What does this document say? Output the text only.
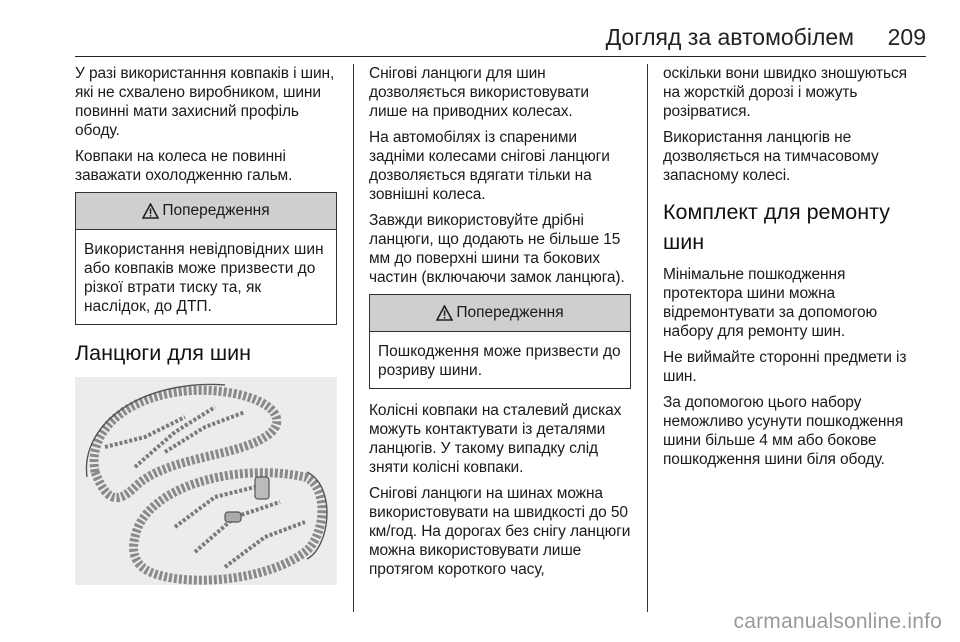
Догляд за автомобілем 209

У разі використанння ковпаків і шин, які не схвалено виробником, шини повинні мати захисний профіль ободу.

Ковпаки на колеса не повинні заважати охолодженню гальм.

Попередження
Використання невідповідних шин або ковпаків може призвести до різкої втрати тиску та, як наслідок, до ДТП.
Ланцюги для шин

Снігові ланцюги для шин дозволяється використовувати лише на приводних колесах.

На автомобілях із спареними задніми колесами снігові ланцюги дозволяється вдягати тільки на зовнішні колеса.

Завжди використовуйте дрібні ланцюги, що додають не більше 15 мм до поверхні шини та бокових частин (включаючи замок ланцюга).

Попередження
Пошкодження може призвести до розриву шини.

Колісні ковпаки на сталевий дисках можуть контактувати із деталями ланцюгів. У такому випадку слід зняти колісні ковпаки.

Снігові ланцюги на шинах можна використовувати на швидкості до 50 км/год. На дорогах без снігу ланцюги можна використовувати лише протягом короткого часу,

оскільки вони швидко зношуються на жорсткій дорозі і можуть розірватися.

Використання ланцюгів не дозволяється на тимчасовому запасному колесі.

Комплект для ремонту шин

Мінімальне пошкодження протектора шини можна відремонтувати за допомогою набору для ремонту шин.

Не виймайте сторонні предмети із шин.

За допомогою цього набору неможливо усунути пошкодження шини більше 4 мм або бокове пошкодження шини біля ободу.

carmanualsonline.info
